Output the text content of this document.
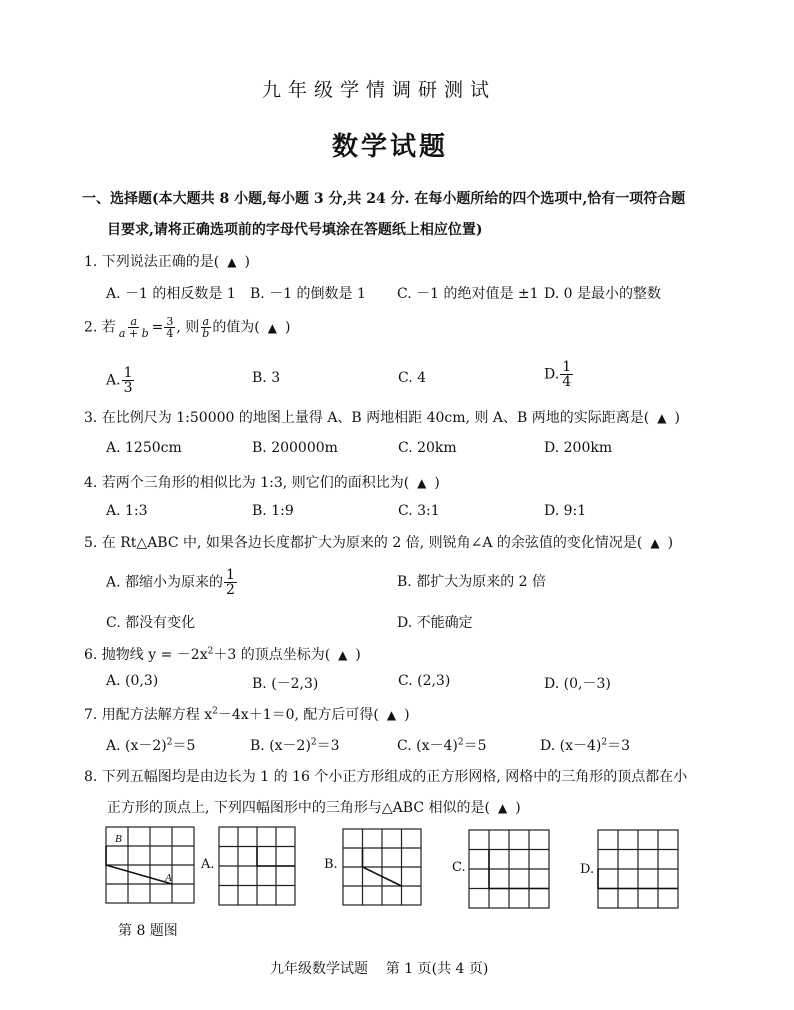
九年级学情调研测试
数学试题
一、选择题(本大题共 8 小题,每小题 3 分,共 24 分. 在每小题所给的四个选项中,恰有一项符合题
目要求,请将正确选项前的字母代号填涂在答题纸上相应位置)
1. 下列说法正确的是( ▲ )
A. －1 的相反数是 1 B. －1 的倒数是 1 C. －1 的绝对值是 ±1 D. 0 是最小的整数
2. 若 $\frac{a}{a + b} = \frac{3}{4}$ , 则 $\frac{a}{b}$ 的值为( ▲ )
A. $\frac{1}{3}$	B. 3	C. 4	D. $\frac{1}{4}$
3. 在比例尺为 1:50000 的地图上量得 A、B 两地相距 40cm, 则 A、B 两地的实际距离是( ▲ )
A. 1250cm	B. 200000m	C. 20km	D. 200km
4. 若两个三角形的相似比为 1:3, 则它们的面积比为( ▲ )
A. 1:3	B. 1:9	C. 3:1	D. 9:1
5. 在 Rt△ABC 中, 如果各边长度都扩大为原来的 2 倍, 则锐角∠A 的余弦值的变化情况是( ▲ )
A. 都缩小为原来的 $\frac{1}{2}$	B. 都扩大为原来的 2 倍
C. 都没有变化	D. 不能确定
6. 抛物线 $y = -2x^2+3$ 的顶点坐标为( ▲ )
A. (0,3)	B. (－2,3)	C. (2,3)	D. (0,－3)
7. 用配方法解方程 $x^2-4x+1=0$, 配方后可得( ▲ )
A. $(x-2)^2=5$	B. $(x-2)^2=3$	C. $(x-4)^2=5$	D. $(x-4)^2=3$
8. 下列五幅图均是由边长为 1 的 16 个小正方形组成的正方形网格, 网格中的三角形的顶点都在小
正方形的顶点上, 下列四幅图形中的三角形与△ABC 相似的是( ▲ )
B
A
A.	B.	C.	D.
第 8 题图
九年级数学试题    第 1 页(共 4 页)
